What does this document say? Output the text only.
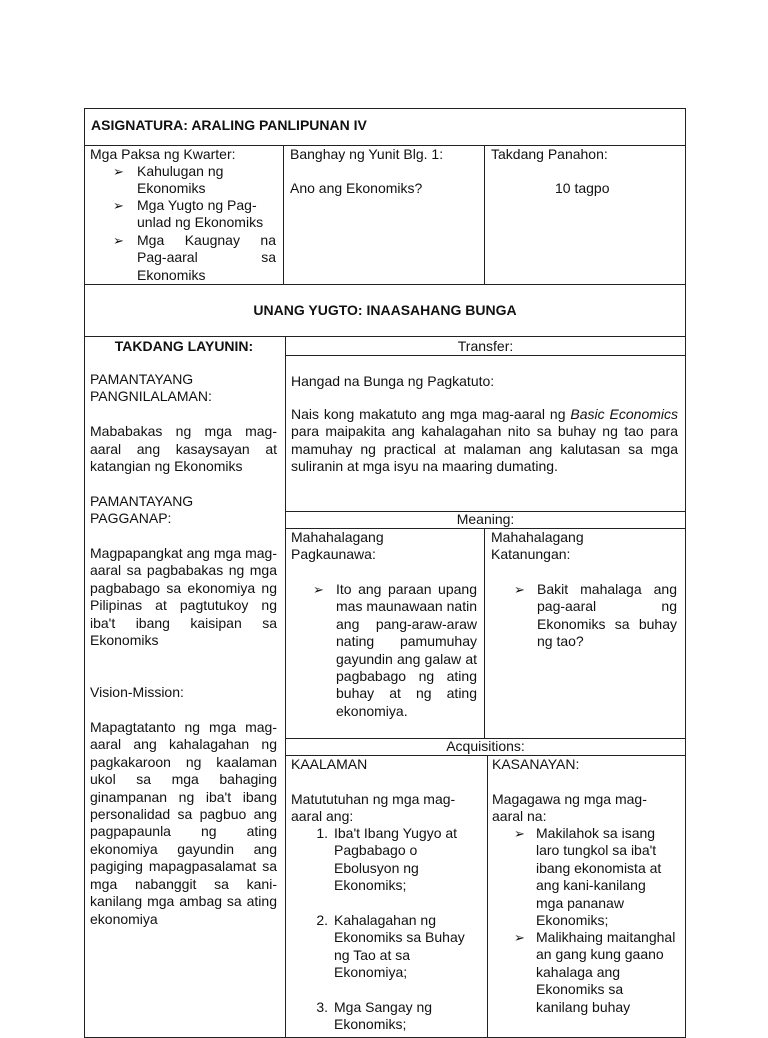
ASIGNATURA: ARALING PANLIPUNAN IV
Mga Paksa ng Kwarter:
➢ Kahulugan ng Ekonomiks
➢ Mga Yugto ng Pag-unlad ng Ekonomiks
➢ Mga Kaugnay na Pag-aaral sa Ekonomiks
Banghay ng Yunit Blg. 1:
Ano ang Ekonomiks?
Takdang Panahon:
10 tagpo
UNANG YUGTO: INAASAHANG BUNGA
TAKDANG LAYUNIN:

PAMANTAYANG PANGNILALAMAN:

Mababakas ng mga mag-aaral ang kasaysayan at katangian ng Ekonomiks

PAMANTAYANG PAGGANAP:

Magpapangkat ang mga mag-aaral sa pagbabakas ng mga pagbabago sa ekonomiya ng Pilipinas at pagtutukoy ng iba't ibang kaisipan sa Ekonomiks

Vision-Mission:

Mapagtatanto ng mga mag-aaral ang kahalagahan ng pagkakaroon ng kaalaman ukol sa mga bahaging ginampanan ng iba't ibang personalidad sa pagbuo ang pagpapaunla ng ating ekonomiya gayundin ang pagiging mapagpasalamat sa mga nabanggit sa kani-kanilang mga ambag sa ating ekonomiya

Transfer:
Hangad na Bunga ng Pagkatuto:
Nais kong makatuto ang mga mag-aaral ng Basic Economics para maipakita ang kahalagahan nito sa buhay ng tao para mamuhay ng practical at malaman ang kalutasan sa mga suliranin at mga isyu na maaring dumating.
Meaning:
Mahahalagang Pagkaunawa:
➢ Ito ang paraan upang mas maunawaan natin ang pang-araw-araw nating pamumuhay gayundin ang galaw at pagbabago ng ating buhay at ng ating ekonomiya.
Mahahalagang Katanungan:
➢ Bakit mahalaga ang pag-aaral ng Ekonomiks sa buhay ng tao?
Acquisitions:
KAALAMAN
Matututuhan ng mga mag-aaral ang:
1. Iba't Ibang Yugyo at Pagbabago o Ebolusyon ng Ekonomiks;
2. Kahalagahan ng Ekonomiks sa Buhay ng Tao at sa Ekonomiya;
3. Mga Sangay ng Ekonomiks;
KASANAYAN:
Magagawa ng mga mag-aaral na:
➢ Makilahok sa isang laro tungkol sa iba't ibang ekonomista at ang kani-kanilang mga pananaw Ekonomiks;
➢ Malikhaing maitanghal an gang kung gaano kahalaga ang Ekonomiks sa kanilang buhay
